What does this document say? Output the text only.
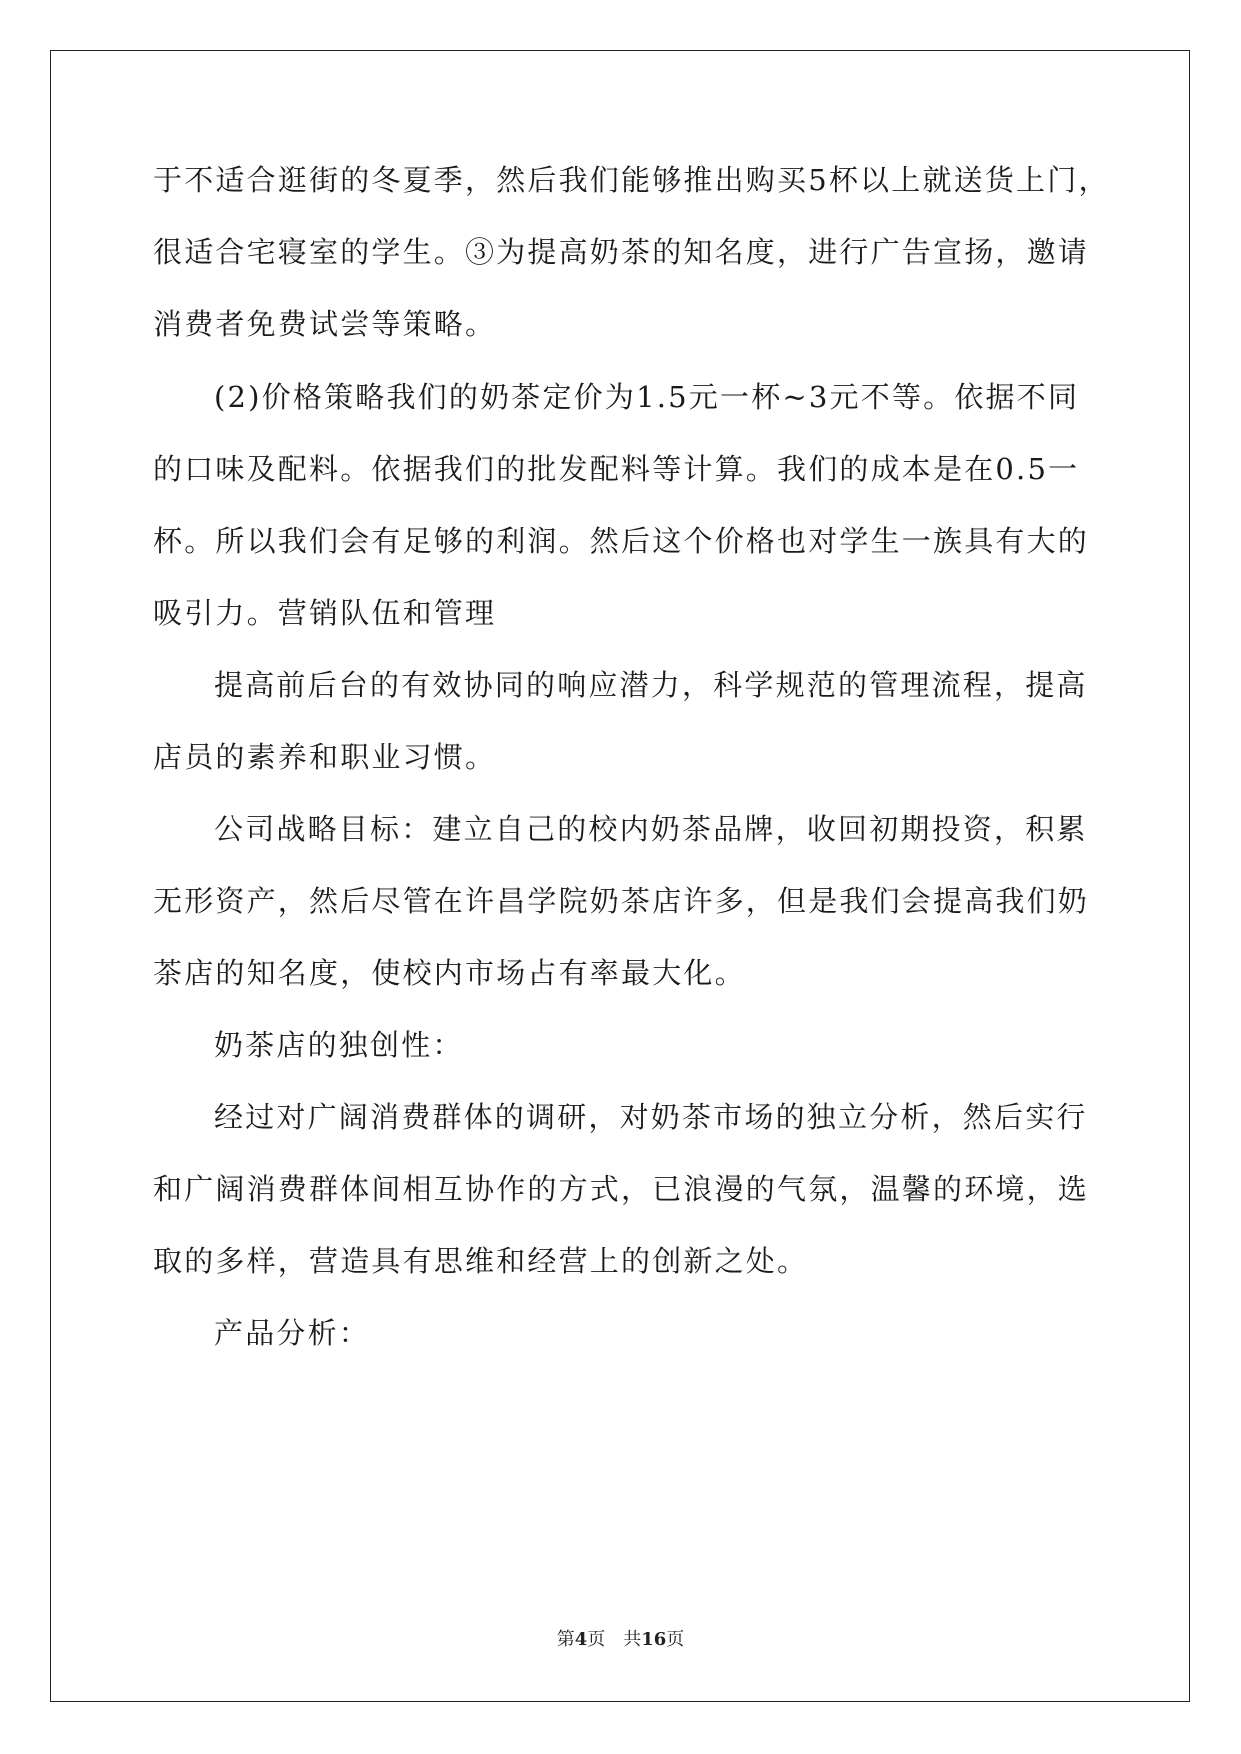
于不适合逛街的冬夏季，然后我们能够推出购买5杯以上就送货上门，
很适合宅寝室的学生。③为提高奶茶的知名度，进行广告宣扬，邀请
消费者免费试尝等策略。
(2)价格策略我们的奶茶定价为1.5元一杯~3元不等。依据不同
的口味及配料。依据我们的批发配料等计算。我们的成本是在0.5一
杯。所以我们会有足够的利润。然后这个价格也对学生一族具有大的
吸引力。营销队伍和管理
提高前后台的有效协同的响应潜力，科学规范的管理流程，提高
店员的素养和职业习惯。
公司战略目标：建立自己的校内奶茶品牌，收回初期投资，积累
无形资产，然后尽管在许昌学院奶茶店许多，但是我们会提高我们奶
茶店的知名度，使校内市场占有率最大化。
奶茶店的独创性：
经过对广阔消费群体的调研，对奶茶市场的独立分析，然后实行
和广阔消费群体间相互协作的方式，已浪漫的气氛，温馨的环境，选
取的多样，营造具有思维和经营上的创新之处。
产品分析：
第4页 共16页
